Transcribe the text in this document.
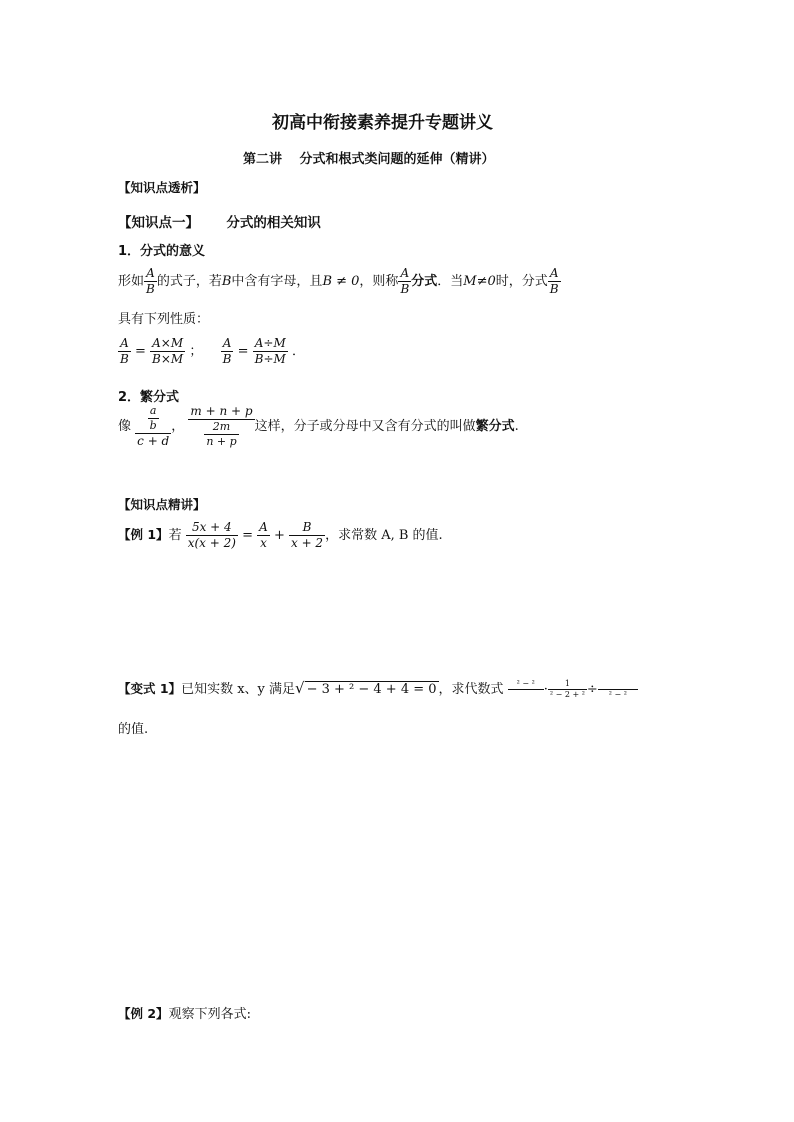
初高中衔接素养提升专题讲义
第二讲　 分式和根式类问题的延伸（精讲）
【知识点透析】
【知识点一】 分式的相关知识
1．分式的意义
形如 $\frac{A}{B}$ 的式子，若B中含有字母，且B ≠ 0，则称 $\frac{A}{B}$ 分式．当M≠0时，分式 $\frac{A}{B}$
具有下列性质：
$\frac{A}{B} = \frac{A\times M}{B\times M}$ ； $\frac{A}{B} = \frac{A\div M}{B\div M}$ ．
2．繁分式
像 $\frac{\frac{a}{b}}{c + d}$ ， $\frac{m + n + p}{\frac{2m}{n + p}}$ 这样，分子或分母中又含有分式的叫做繁分式.
【知识点精讲】
【例 1】若 $\frac{5x + 4}{x(x + 2)} = \frac{A}{x} + \frac{B}{x + 2}$ ，求常数 A, B 的值.
【变式 1】已知实数 x、y 满足√ − 3 + ² − 4 + 4 = 0 ，求代数式	² − ²
· $\frac{1}{\text{² − 2 + ²}}$ ÷
	² − ²
的值.
【例 2】观察下列各式:
